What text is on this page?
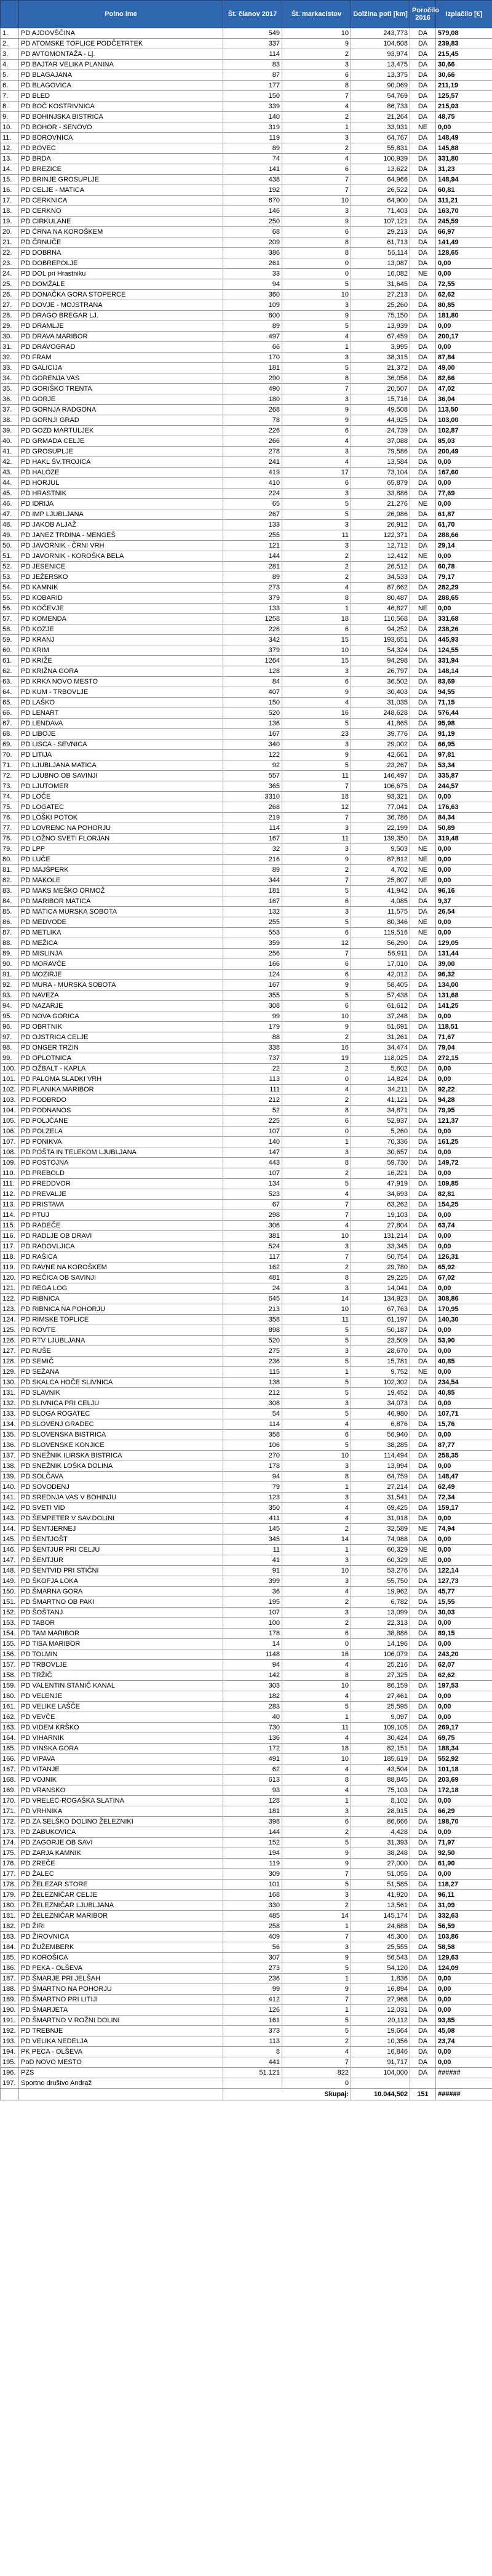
	Polno ime	Št. članov 2017	Št. markacistov	Dolžina poti [km]	Poročilo 2016	Izplačilo [€]
1.	PD AJDOVŠČINA	549	10	243,773	DA	579,08
2.	PD ATOMSKE TOPLICE PODČETRTEK	337	9	104,608	DA	239,83
3.	PD AVTOMONTAŽA - Lj.	114	2	93,974	DA	215,45
4.	PD BAJTAR VELIKA PLANINA	83	3	13,475	DA	30,66
5.	PD BLAGAJANA	87	6	13,375	DA	30,66
6.	PD BLAGOVICA	177	8	90,069	DA	211,19
7.	PD BLED	150	7	54,769	DA	125,57
8.	PD BOČ KOSTRIVNICA	339	4	86,733	DA	215,03
9.	PD BOHINJSKA BISTRICA	140	2	21,264	DA	48,75
10.	PD BOHOR - SENOVO	319	1	33,931	NE	0,00
11.	PD BOROVNICA	119	3	64,767	DA	148,49
12.	PD BOVEC	89	2	55,831	DA	145,88
13.	PD BRDA	74	4	100,939	DA	331,80
14.	PD BREZICE	141	6	13,622	DA	31,23
15.	PD BRINJE GROSUPLJE	438	7	64,966	DA	148,94
16.	PD CELJE - MATICA	192	7	26,522	DA	60,81
17.	PD CERKNICA	670	10	64,900	DA	311,21
18.	PD CERKNO	146	3	71,403	DA	163,70
19.	PD CIRKULANE	250	9	107,121	DA	245,59
20.	PD ČRNA NA KOROŠKEM	68	6	29,213	DA	66,97
21.	PD ČRNUČE	209	8	61,713	DA	141,49
22.	PD DOBRNA	386	8	56,114	DA	128,65
23.	PD DOBREPOLJE	261	0	13,087	DA	0,00
24.	PD DOL pri Hrastniku	33	0	16,082	NE	0,00
25.	PD DOMŽALE	94	5	31,645	DA	72,55
26.	PD DONAČKA GORA STOPERCE	360	10	27,213	DA	62,62
27.	PD DOVJE - MOJSTRANA	109	3	25,260	DA	80,85
28.	PD DRAGO BREGAR LJ.	600	9	75,150	DA	181,80
29.	PD DRAMLJE	89	5	13,939	DA	0,00
30.	PD DRAVA MARIBOR	497	4	67,459	DA	200,17
31.	PD DRAVOGRAD	66	1	3,995	DA	0,00
32.	PD FRAM	170	3	38,315	DA	87,84
33.	PD GALICIJA	181	5	21,372	DA	49,00
34.	PD GORENJA VAS	290	8	36,056	DA	82,66
35.	PD GORIŠKO TRENTA	490	7	20,507	DA	47,02
36.	PD GORJE	180	3	15,716	DA	36,04
37.	PD GORNJA RADGONA	268	9	49,508	DA	113,50
38.	PD GORNJI GRAD	78	9	44,925	DA	103,00
39.	PD GOZD MARTULJEK	226	6	24,739	DA	102,87
40.	PD GRMADA CELJE	266	4	37,088	DA	85,03
41.	PD GROSUPLJE	278	3	79,586	DA	200,49
42.	PD HAKL ŠV.TROJICA	241	4	13,584	DA	0,00
43.	PD HALOZE	419	17	73,104	DA	167,60
44.	PD HORJUL	410	6	65,879	DA	0,00
45.	PD HRASTNIK	224	3	33,886	DA	77,69
46.	PD IDRIJA	65	5	21,276	NE	0,00
47.	PD IMP LJUBLJANA	267	5	26,986	DA	61,87
48.	PD JAKOB ALJAŽ	133	3	26,912	DA	61,70
49.	PD JANEZ TRDINA - MENGEŠ	255	11	122,371	DA	288,66
50.	PD JAVORNIK - ČRNI VRH	121	3	12,712	DA	29,14
51.	PD JAVORNIK - KOROŠKA BELA	144	2	12,412	NE	0,00
52.	PD JESENICE	281	2	26,512	DA	60,78
53.	PD JEŽERSKO	89	2	34,533	DA	79,17
54.	PD KAMNIK	273	4	87,662	DA	282,29
55.	PD KOBARID	379	8	80,487	DA	288,65
56.	PD KOČEVJE	133	1	46,827	NE	0,00
57.	PD KOMENDA	1258	18	110,568	DA	331,68
58.	PD KOZJE	226	6	94,252	DA	238,26
59.	PD KRANJ	342	15	193,651	DA	445,93
60.	PD KRIM	379	10	54,324	DA	124,55
61.	PD KRIŽE	1264	15	94,298	DA	331,94
62.	PD KRIŽNA GORA	128	3	26,797	DA	148,14
63.	PD KRKA NOVO MESTO	84	6	36,502	DA	83,69
64.	PD KUM - TRBOVLJE	407	9	30,403	DA	94,55
65.	PD LAŠKO	150	4	31,035	DA	71,15
66.	PD LENART	520	16	248,628	DA	576,44
67.	PD LENDAVA	136	5	41,865	DA	95,98
68.	PD LIBOJE	167	23	39,776	DA	91,19
69.	PD LISCA - SEVNICA	340	3	29,002	DA	66,95
70.	PD LITIJA	122	9	42,661	DA	97,81
71.	PD LJUBLJANA MATICA	92	5	23,267	DA	53,34
72.	PD LJUBNO OB SAVINJI	557	11	146,497	DA	335,87
73.	PD LJUTOMER	365	7	106,675	DA	244,57
74.	PD LOČE	3310	18	93,321	DA	0,00
75.	PD LOGATEC	268	12	77,041	DA	176,63
76.	PD LOŠKI POTOK	219	7	36,786	DA	84,34
77.	PD LOVRENC NA POHORJU	114	3	22,199	DA	50,89
78.	PD LOŽNO SVETI FLORJAN	167	11	139,350	DA	319,48
79.	PD LPP	32	3	9,503	NE	0,00
80.	PD LUČE	216	9	87,812	NE	0,00
81.	PD MAJŠPERK	89	2	4,702	NE	0,00
82.	PD MAKOLE	344	7	25,807	NE	0,00
83.	PD MAKS MEŠKO ORMOŽ	181	5	41,942	DA	96,16
84.	PD MARIBOR MATICA	167	6	4,085	DA	9,37
85.	PD MATICA MURSKA SOBOTA	132	3	11,575	DA	26,54
86.	PD MEDVODE	255	5	80,346	NE	0,00
87.	PD METLIKA	553	6	119,516	NE	0,00
88.	PD MEŽICA	359	12	56,290	DA	129,05
89.	PD MISLINJA	256	7	56,911	DA	131,44
90.	PD MORAVČE	166	6	17,010	DA	39,00
91.	PD MOZIRJE	124	6	42,012	DA	96,32
92.	PD MURA - MURSKA SOBOTA	167	9	58,405	DA	134,00
93.	PD NAVEZA	355	5	57,438	DA	131,68
94.	PD NAZARJE	308	6	61,612	DA	141,25
95.	PD NOVA GORICA	99	10	37,248	DA	0,00
96.	PD OBRTNIK	179	9	51,691	DA	118,51
97.	PD OJSTRICA CELJE	88	2	31,261	DA	71,67
98.	PD ONGER TRZIN	338	16	34,474	DA	79,04
99.	PD OPLOTNICA	737	19	118,025	DA	272,15
100.	PD OŽBALT - KAPLA	22	2	5,602	DA	0,00
101.	PD PALOMA SLADKI VRH	113	0	14,824	DA	0,00
102.	PD PLANIKA MARIBOR	111	4	34,211	DA	92,22
103.	PD PODBRDO	212	2	41,121	DA	94,28
104.	PD PODNANOS	52	8	34,871	DA	79,95
105.	PD POLJČANE	225	6	52,937	DA	121,37
106.	PD POLZELA	107	0	5,260	DA	0,00
107.	PD PONIKVA	140	1	70,336	DA	161,25
108.	PD POŠTA IN TELEKOM LJUBLJANA	147	3	30,657	DA	0,00
109.	PD POSTOJNA	443	8	59,730	DA	149,72
110.	PD PREBOLD	107	2	16,221	DA	0,00
111.	PD PREDDVOR	134	5	47,919	DA	109,85
112.	PD PREVALJE	523	4	34,693	DA	82,81
113.	PD PRISTAVA	67	7	63,262	DA	154,25
114.	PD PTUJ	298	7	19,103	DA	0,00
115.	PD RADEČE	306	4	27,804	DA	63,74
116.	PD RADLJE OB DRAVI	381	10	131,214	DA	0,00
117.	PD RADOVLJICA	524	3	33,345	DA	0,00
118.	PD RAŠICA	117	7	50,754	DA	126,31
119.	PD RAVNE NA KOROŠKEM	162	2	29,780	DA	65,92
120.	PD REČICA OB SAVINJI	481	8	29,225	DA	67,02
121.	PD REGA LOG	24	3	14,041	DA	0,00
122.	PD RIBNICA	645	14	134,923	DA	308,86
123.	PD RIBNICA NA POHORJU	213	10	67,763	DA	170,95
124.	PD RIMSKE TOPLICE	358	11	61,197	DA	140,30
125.	PD ROVTE	898	5	50,187	DA	0,00
126.	PD RTV LJUBLJANA	520	5	23,509	DA	53,90
127.	PD RUŠE	275	3	28,670	DA	0,00
128.	PD SEMIČ	236	5	15,781	DA	40,85
129.	PD SEŽANA	115	1	9,752	NE	0,00
130.	PD SKALCA HOČE SLIVNICA	138	5	102,302	DA	234,54
131.	PD SLAVNIK	212	5	19,452	DA	40,85
132.	PD SLIVNICA PRI CELJU	308	3	34,073	DA	0,00
133.	PD SLOGA ROGATEC	54	5	46,980	DA	107,71
134.	PD SLOVENJ GRADEC	114	4	6,876	DA	15,76
135.	PD SLOVENSKA BISTRICA	358	6	56,940	DA	0,00
136.	PD SLOVENSKE KONJICE	106	5	38,285	DA	87,77
137.	PD SNEŽNIK ILIRSKA BISTRICA	270	10	114,494	DA	258,35
138.	PD SNEŽNIK LOŠKA DOLINA	178	3	13,994	DA	0,00
139.	PD SOLČAVA	94	8	64,759	DA	148,47
140.	PD SOVODENJ	79	1	27,214	DA	62,49
141.	PD SREDNJA VAS V BOHINJU	123	3	31,541	DA	72,34
142.	PD SVETI VID	350	4	69,425	DA	159,17
143.	PD ŠEMPETER V SAV.DOLINI	411	4	31,918	DA	0,00
144.	PD ŠENTJERNEJ	145	2	32,589	NE	74,94
145.	PD ŠENTJOŠT	345	14	74,988	DA	0,00
146.	PD ŠENTJUR PRI CELJU	11	1	60,329	NE	0,00
147.	PD ŠENTJUR	41	3	60,329	NE	0,00
148.	PD ŠENTVID PRI STIČNI	91	10	53,276	DA	122,14
149.	PD ŠKOFJA LOKA	399	3	55,750	DA	127,73
150.	PD ŠMARNA GORA	36	4	19,962	DA	45,77
151.	PD ŠMARTNO OB PAKI	195	2	6,782	DA	15,55
152.	PD ŠOŠTANJ	107	3	13,099	DA	30,03
153.	PD TABOR	100	2	22,313	DA	0,00
154.	PD TAM MARIBOR	178	6	38,886	DA	89,15
155.	PD TISA MARIBOR	14	0	14,196	DA	0,00
156.	PD TOLMIN	1148	16	106,079	DA	243,20
157.	PD TRBOVLJE	94	4	25,216	DA	62,07
158.	PD TRŽIČ	142	8	27,325	DA	62,62
159.	PD VALENTIN STANIČ KANAL	303	10	86,159	DA	197,53
160.	PD VELENJE	182	4	27,461	DA	0,00
161.	PD VELIKE LAŠČE	283	5	25,595	DA	0,00
162.	PD VEVČE	40	1	9,097	DA	0,00
163.	PD VIDEM KRŠKO	730	11	109,105	DA	269,17
164.	PD VIHARNIK	136	4	30,424	DA	69,75
165.	PD VINSKA GORA	172	18	82,151	DA	188,34
166.	PD VIPAVA	491	10	185,619	DA	552,92
167.	PD VITANJE	62	4	43,504	DA	101,18
168.	PD VOJNIK	613	8	88,845	DA	203,69
169.	PD VRANSKO	93	4	75,103	DA	172,18
170.	PD VRELEC-ROGAŠKA SLATINA	128	1	8,102	DA	0,00
171.	PD VRHNIKA	181	3	28,915	DA	66,29
172.	PD ZA SELŠKO DOLINO ŽELEZNIKI	398	6	86,666	DA	198,70
173.	PD ZABUKOVICA	144	2	4,428	DA	0,00
174.	PD ZAGORJE OB SAVI	152	5	31,393	DA	71,97
175.	PD ZARJA KAMNIK	194	9	38,248	DA	92,50
176.	PD ZREČE	119	9	27,000	DA	61,90
177.	PD ŽALEC	309	7	51,055	DA	0,00
178.	PD ŽELEZAR STORE	101	5	51,585	DA	118,27
179.	PD ŽELEZNIČAR CELJE	168	3	41,920	DA	96,11
180.	PD ŽELEZNIČAR LJUBLJANA	330	2	13,561	DA	31,09
181.	PD ŽELEZNIČAR MARIBOR	485	14	145,174	DA	332,63
182.	PD ŽIRI	258	1	24,688	DA	56,59
183.	PD ŽIROVNICA	409	7	45,300	DA	103,86
184.	PD ŽUŽEMBERK	56	3	25,555	DA	58,58
185.	PD KOROŠICA	307	9	56,543	DA	129,63
186.	PD PEKA - OLŠEVA	273	5	54,120	DA	124,09
187.	PD ŠMARJE PRI JELŠAH	236	1	1,836	DA	0,00
188.	PD ŠMARTNO NA POHORJU	99	9	16,894	DA	0,00
189.	PD ŠMARTNO PRI LITIJI	412	7	27,968	DA	0,00
190.	PD ŠMARJETA	126	1	12,031	DA	0,00
191.	PD ŠMARTNO V ROŽNI DOLINI	161	5	20,112	DA	93,85
192.	PD TREBNJE	373	5	19,664	DA	45,08
193.	PD VELIKA NEDELJA	113	2	10,356	DA	23,74
194.	PK PECA - OLŠEVA	8	4	16,846	DA	0,00
195.	PoD NOVO MESTO	441	7	91,717	DA	0,00
196.	PZS	51.121	822	104,000	DA	######
197.	Sportno društvo Andraž		0			
		Skupaj:		10.044,502	151	######
